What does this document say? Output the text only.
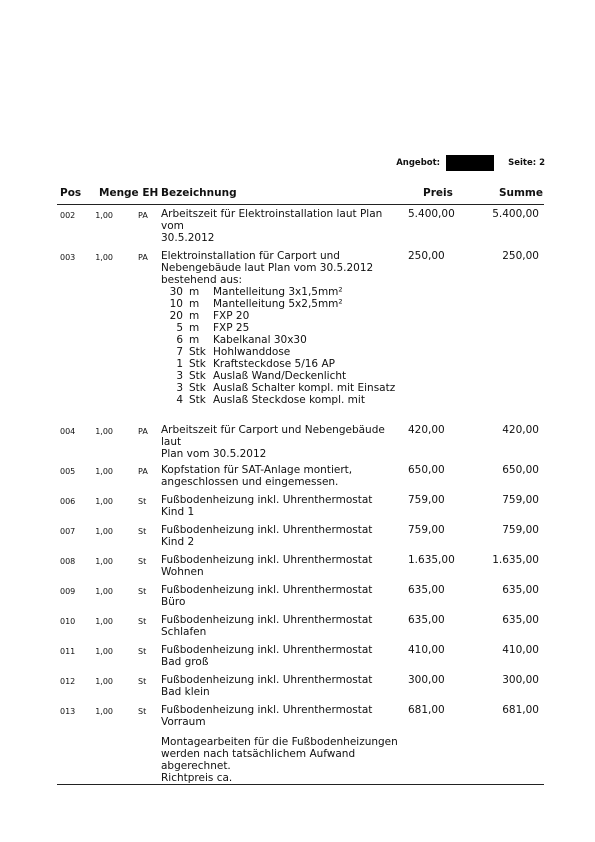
Angebot:	Seite: 2
Pos Menge EH Bezeichnung	Preis	Summe
002 1,00	PA Arbeitszeit für Elektroinstallation laut Plan vom
30.5.2012
5.400,00	5.400,00
003 1,00	PA Elektroinstallation für Carport und
Nebengebäude laut Plan vom 30.5.2012
bestehend aus:
30 m	Mantelleitung 3x1,5mm²
10 m	Mantelleitung 5x2,5mm²
20 m	FXP 20
5 m	FXP 25
6 m	Kabelkanal 30x30
7 Stk Hohlwanddose
1 Stk Kraftsteckdose 5/16 AP
3 Stk Auslaß Wand/Deckenlicht
3 Stk Auslaß Schalter kompl. mit Einsatz
4 Stk Auslaß Steckdose kompl. mit
250,00	250,00
004 1,00	PA Arbeitszeit für Carport und Nebengebäude laut
Plan vom 30.5.2012
420,00	420,00
005 1,00	PA Kopfstation für SAT-Anlage montiert,
angeschlossen und eingemessen.
650,00	650,00
006 1,00	St Fußbodenheizung inkl. Uhrenthermostat
Kind 1
759,00	759,00
007 1,00	St Fußbodenheizung inkl. Uhrenthermostat
Kind 2
759,00	759,00
008 1,00	St Fußbodenheizung inkl. Uhrenthermostat
Wohnen
1.635,00	1.635,00
009 1,00	St Fußbodenheizung inkl. Uhrenthermostat
Büro
635,00	635,00
010 1,00	St Fußbodenheizung inkl. Uhrenthermostat
Schlafen
635,00	635,00
011 1,00	St Fußbodenheizung inkl. Uhrenthermostat
Bad groß
410,00	410,00
012 1,00	St Fußbodenheizung inkl. Uhrenthermostat
Bad klein
300,00	300,00
013 1,00	St Fußbodenheizung inkl. Uhrenthermostat
Vorraum
681,00	681,00
Montagearbeiten für die Fußbodenheizungen
werden nach tatsächlichem Aufwand
abgerechnet.
Richtpreis ca.
